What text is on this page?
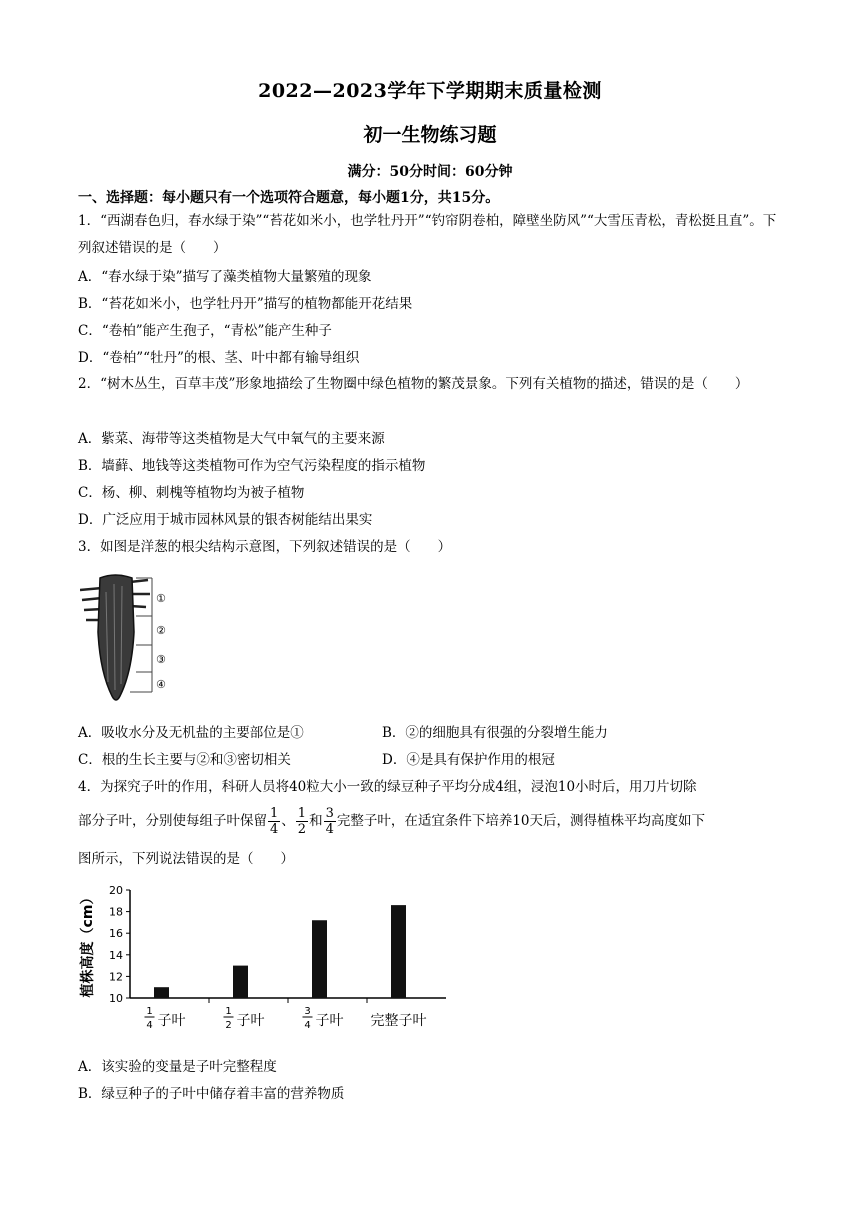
2022—2023学年下学期期末质量检测
初一生物练习题
满分：50分时间：60分钟
一、选择题：每小题只有一个选项符合题意，每小题1分，共15分。
1．“西湖春色归，春水绿于染”“苔花如米小，也学牡丹开”“钓帘阴卷柏，障壁坐防风”“大雪压青松，青松挺且直”。下列叙述错误的是（　　）
A．“春水绿于染”描写了藻类植物大量繁殖的现象
B．“苔花如米小，也学牡丹开”描写的植物都能开花结果
C．“卷柏”能产生孢子，“青松”能产生种子
D．“卷柏”“牡丹”的根、茎、叶中都有输导组织
2．“树木丛生，百草丰茂”形象地描绘了生物圈中绿色植物的繁茂景象。下列有关植物的描述，错误的是（　　）
A．紫菜、海带等这类植物是大气中氧气的主要来源
B．墙藓、地钱等这类植物可作为空气污染程度的指示植物
C．杨、柳、刺槐等植物均为被子植物
D．广泛应用于城市园林风景的银杏树能结出果实
3．如图是洋葱的根尖结构示意图，下列叙述错误的是（　　）
①
②
③
④
A．吸收水分及无机盐的主要部位是①	B．②的细胞具有很强的分裂增生能力
C．根的生长主要与②和③密切相关	D．④是具有保护作用的根冠
4．为探究子叶的作用，科研人员将40粒大小一致的绿豆种子平均分成4组，浸泡10小时后，用刀片切除
部分子叶，分别使每组子叶保留 $\frac{1}{4}$ 、 $\frac{1}{2}$ 和 $\frac{3}{4}$ 完整子叶，在适宜条件下培养10天后，测得植株平均高度如下
图所示，下列说法错误的是（　　）
植株高度（cm）
10
12
14
16
18
20
1
4 子叶
1
2 子叶
3
4 子叶 完整子叶
A．该实验的变量是子叶完整程度
B．绿豆种子的子叶中储存着丰富的营养物质
